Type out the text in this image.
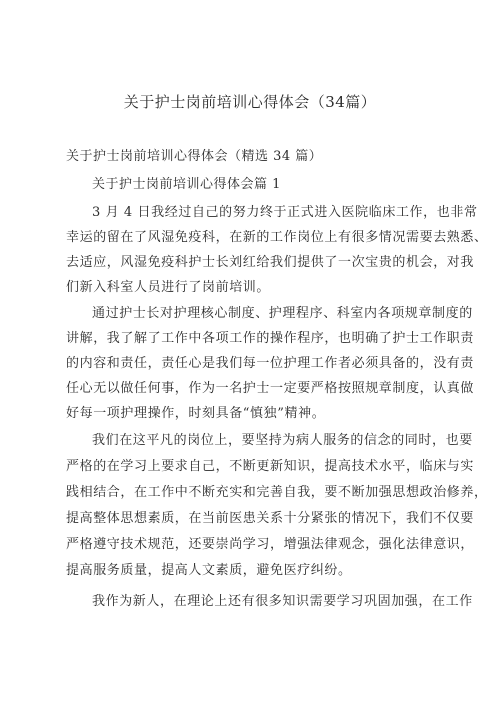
关于护士岗前培训心得体会（34篇）
关于护士岗前培训心得体会（精选 34 篇）
关于护士岗前培训心得体会篇 1
3 月 4 日我经过自己的努力终于正式进入医院临床工作，也非常
幸运的留在了风湿免疫科，在新的工作岗位上有很多情况需要去熟悉、
去适应，风湿免疫科护士长刘红给我们提供了一次宝贵的机会，对我
们新入科室人员进行了岗前培训。
通过护士长对护理核心制度、护理程序、科室内各项规章制度的
讲解，我了解了工作中各项工作的操作程序，也明确了护士工作职责
的内容和责任，责任心是我们每一位护理工作者必须具备的，没有责
任心无以做任何事，作为一名护士一定要严格按照规章制度，认真做
好每一项护理操作，时刻具备“慎独”精神。
我们在这平凡的岗位上，要坚持为病人服务的信念的同时，也要
严格的在学习上要求自己，不断更新知识，提高技术水平，临床与实
践相结合，在工作中不断充实和完善自我，要不断加强思想政治修养，
提高整体思想素质，在当前医患关系十分紧张的情况下，我们不仅要
严格遵守技术规范，还要崇尚学习，增强法律观念，强化法律意识，
提高服务质量，提高人文素质，避免医疗纠纷。
我作为新人，在理论上还有很多知识需要学习巩固加强，在工作
